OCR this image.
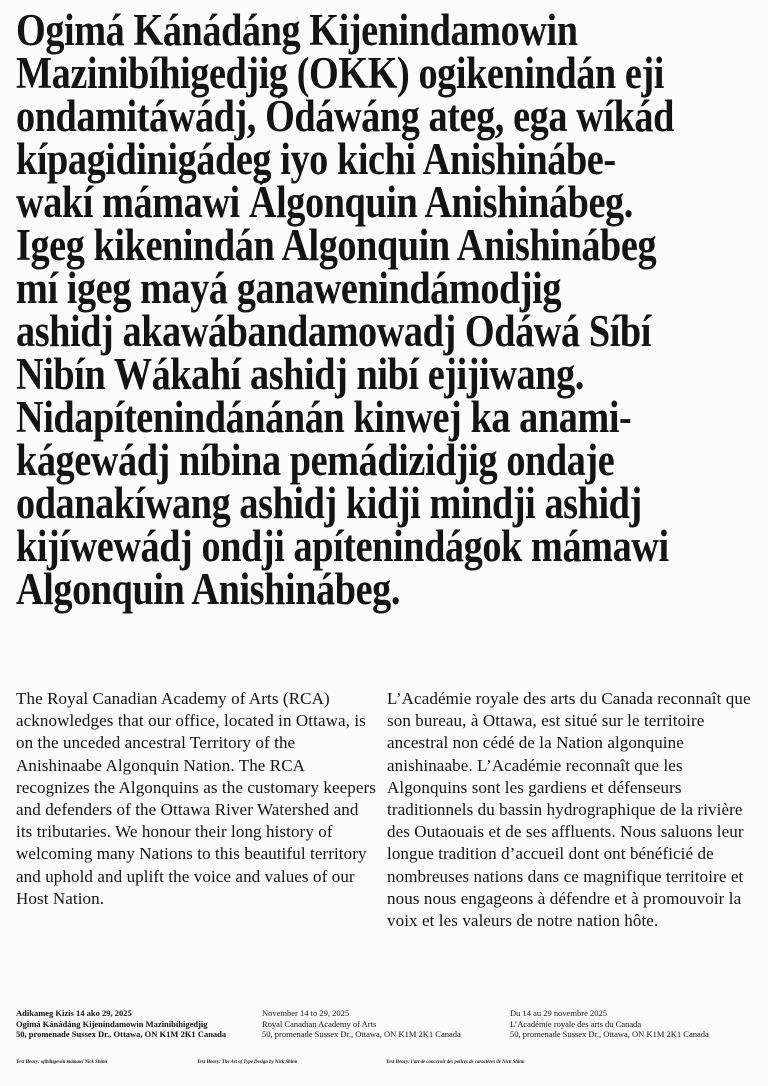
Ogimá Kánádáng Kijenindamowin
Mazinibíhigedjig (OKK) ogikenindán eji
ondamitáwádj, Ódáwáng ateg, ega wíkád
kípagidinigádeg iyo kichi Anishinábe-
wakí mámawi Álgonquin Anishinábeg.
Igeg kikenindán Algonquin Anishinábeg
mí igeg mayá ganawenindámodjig
ashidj akawábandamowadj Odáwá Síbí
Nibín Wákahí ashidj nibí ejijiwang.
Nidapítenindánánán kinwej ka anami-
kágewádj níbina pemádizidjig ondaje
odanakíwang ashidj kidji mindji ashidj
kijíwewádj ondji apítenindágok mámawi
Algonquin Anishinábeg.
The Royal Canadian Academy of Arts (RCA) acknowledges that our office, located in Ottawa, is on the unceded ancestral Territory of the Anishinaabe Algonquin Nation. The RCA recognizes the Algonquins as the customary keepers and defenders of the Ottawa River Watershed and its tributaries. We honour their long history of welcoming many Nations to this beautiful territory and uphold and uplift the voice and values of our Host Nation.
L’Académie royale des arts du Canada reconnaît que son bureau, à Ottawa, est situé sur le territoire ancestral non cédé de la Nation algonquine anishinaabe. L’Académie reconnaît que les Algonquins sont les gardiens et défenseurs traditionnels du bassin hydrographique de la rivière des Outaouais et de ses affluents. Nous saluons leur longue tradition d’accueil dont ont bénéficié de nombreuses nations dans ce magnifique territoire et nous nous engageons à défendre et à promouvoir la voix et les valeurs de notre nation hôte.
Adikameg Kizis 14 ako 29, 2025
Ogimá Kánádáng Kijenindamowin Mazinibíhigedjig
50, promenade Sussex Dr., Ottawa, ON K1M 2K1 Canada
November 14 to 29, 2025
Royal Canadian Academy of Arts
50, promenade Sussex Dr., Ottawa, ON K1M 2K1 Canada
Du 14 au 29 novembre 2025
L’Académie royale des arts du Canada
50, promenade Sussex Dr., Ottawa, ON K1M 2K1 Canada
Text Heavy: ojibíhigewin mámawí Nick Shinn	Text Heavy: The Art of Type Design by Nick Shinn	Text Heavy: l’art de concevoir des polices de caractères de Nick Shinn
